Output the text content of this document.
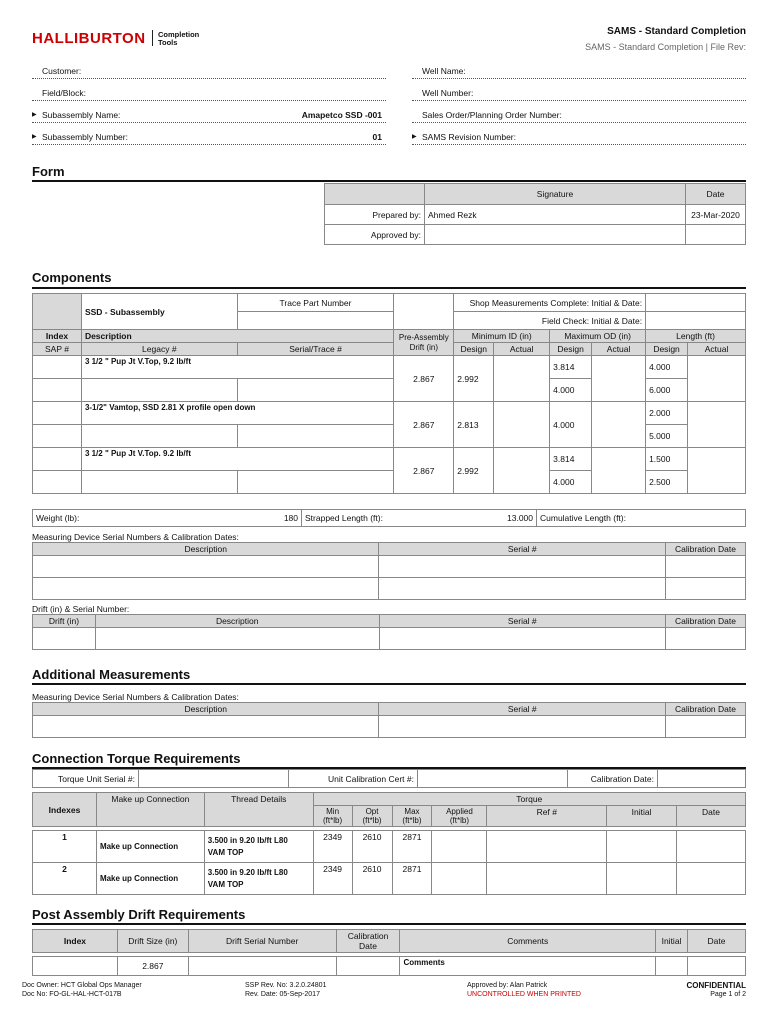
HALLIBURTON Completion
Tools
SAMS - Standard Completion
SAMS - Standard Completion | File Rev:
Customer:
Field/Block:
▶ Subassembly Name:	Amapetco SSD -001
▶ Subassembly Number:	01
Well Name:
Well Number:
Sales Order/Planning Order Number:
▶ SAMS Revision Number:
Form
	Signature	Date
Prepared by:	Ahmed Rezk	23-Mar-2020
Approved by:		
Components
	SSD - Subassembly	Trace Part Number		Shop Measurements Complete: Initial & Date:					
				Field Check: Initial & Date:					
Index	Description		Pre-Assembly
Drift (in)	Minimum ID (in)		Maximum OD (in)		Length (ft)	
SAP #	Legacy #	Serial/Trace #		Design	Actual	Design	Actual	Design	Actual
	3 1/2 " Pup Jt V.Top, 9.2 lb/ft		2.867	2.992		3.814		4.000	
						4.000		6.000	
	3-1/2" Vamtop, SSD 2.81 X profile open down		2.867	2.813		4.000		2.000	
								5.000	
	3 1/2 " Pup Jt V.Top. 9.2 lb/ft		2.867	2.992		3.814		1.500	
						4.000		2.500	
Weight (lb):	180	Strapped Length (ft):	13.000	Cumulative Length (ft):
Measuring Device Serial Numbers & Calibration Dates:
Description	Serial #	Calibration Date

Drift (in) & Serial Number:
Drift (in)	Description	Serial #	Calibration Date

Additional Measurements
Measuring Device Serial Numbers & Calibration Dates:
Description	Serial #	Calibration Date

Connection Torque Requirements
Torque Unit Serial #:		Unit Calibration Cert #:		Calibration Date:	
Indexes	Make up Connection	Thread Details	Torque						
			Min (ft*lb)	Opt (ft*lb)	Max (ft*lb)	Applied (ft*lb)	Ref #	Initial	Date

1	Make up Connection	3.500 in 9.20 lb/ft L80
VAM TOP	2349	2610	2871				
2	Make up Connection	3.500 in 9.20 lb/ft L80
VAM TOP	2349	2610	2871				
Post Assembly Drift Requirements
Index	Drift Size (in)	Drift Serial Number	Calibration Date	Comments	Initial	Date

	2.867			Comments		
Doc Owner: HCT Global Ops Manager
Doc No: FO-GL-HAL-HCT-017B
SSP Rev. No: 3.2.0.24801
Rev. Date: 05-Sep-2017
Approved by: Alan Patrick
UNCONTROLLED WHEN PRINTED
CONFIDENTIAL
Page 1 of 2
